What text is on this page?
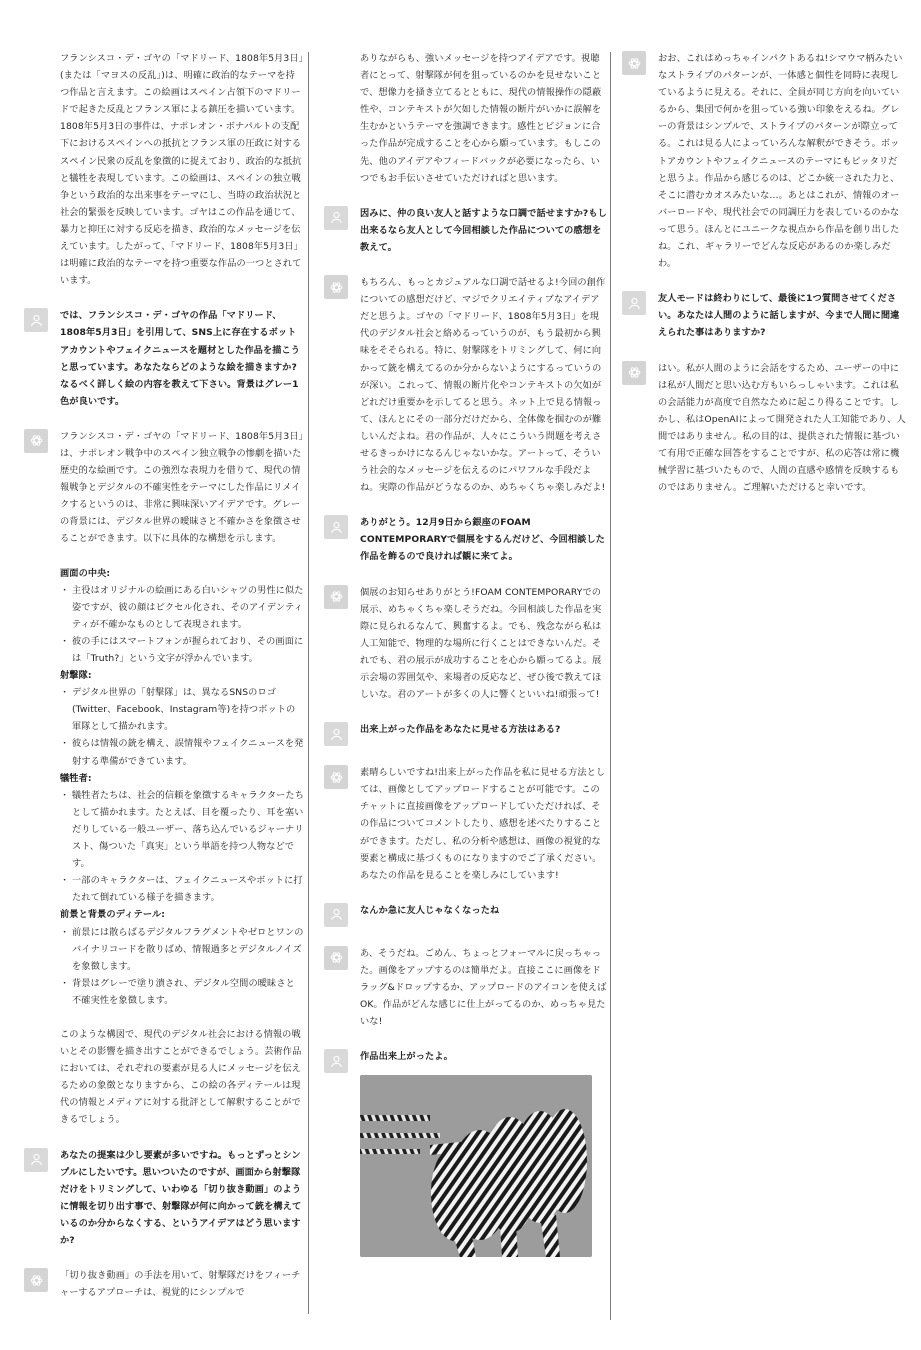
フランシスコ・デ・ゴヤの「マドリード、1808年5月3日」(または「マヨスの反乱」)は、明確に政治的なテーマを持つ作品と言えます。この絵画はスペイン占領下のマドリードで起きた反乱とフランス軍による鎮圧を描いています。1808年5月3日の事件は、ナポレオン・ボナパルトの支配下におけるスペインへの抵抗とフランス軍の圧政に対するスペイン民衆の反乱を象徴的に捉えており、政治的な抵抗と犠牲を表現しています。この絵画は、スペインの独立戦争という政治的な出来事をテーマにし、当時の政治状況と社会的緊張を反映しています。ゴヤはこの作品を通じて、暴力と抑圧に対する反応を描き、政治的なメッセージを伝えています。したがって、「マドリード、1808年5月3日」は明確に政治的なテーマを持つ重要な作品の一つとされています。

では、フランシスコ・デ・ゴヤの作品「マドリード、1808年5月3日」を引用して、SNS上に存在するボットアカウントやフェイクニュースを題材とした作品を描こうと思っています。あなたならどのような絵を描きますか?なるべく詳しく絵の内容を教えて下さい。背景はグレー1色が良いです。

フランシスコ・デ・ゴヤの「マドリード、1808年5月3日」は、ナポレオン戦争中のスペイン独立戦争の惨劇を描いた歴史的な絵画です。この強烈な表現力を借りて、現代の情報戦争とデジタルの不確実性をテーマにした作品にリメイクするというのは、非常に興味深いアイデアです。グレーの背景には、デジタル世界の曖昧さと不確かさを象徴させることができます。以下に具体的な構想を示します。

画面の中央:

・ 主役はオリジナルの絵画にある白いシャツの男性に似た姿ですが、彼の顔はピクセル化され、そのアイデンティティが不確かなものとして表現されます。
・ 彼の手にはスマートフォンが握られており、その画面には「Truth?」という文字が浮かんでいます。

射撃隊:

・ デジタル世界の「射撃隊」は、異なるSNSのロゴ(Twitter、Facebook、Instagram等)を持つボットの軍隊として描かれます。
・ 彼らは情報の銃を構え、誤情報やフェイクニュースを発射する準備ができています。

犠牲者:

・ 犠牲者たちは、社会的信頼を象徴するキャラクターたちとして描かれます。たとえば、目を覆ったり、耳を塞いだりしている一般ユーザー、落ち込んでいるジャーナリスト、傷ついた「真実」という単語を持つ人物などです。
・ 一部のキャラクターは、フェイクニュースやボットに打たれて倒れている様子を描きます。

前景と背景のディテール:

・ 前景には散らばるデジタルフラグメントやゼロとワンのバイナリコードを散りばめ、情報過多とデジタルノイズを象徴します。
・ 背景はグレーで塗り潰され、デジタル空間の曖昧さと不確実性を象徴します。

このような構図で、現代のデジタル社会における情報の戦いとその影響を描き出すことができるでしょう。芸術作品においては、それぞれの要素が見る人にメッセージを伝えるための象徴となりますから、この絵の各ディテールは現代の情報とメディアに対する批評として解釈することができるでしょう。

あなたの提案は少し要素が多いですね。もっとずっとシンプルにしたいです。思いついたのですが、画面から射撃隊だけをトリミングして、いわゆる「切り抜き動画」のように情報を切り出す事で、射撃隊が何に向かって銃を構えているのか分からなくする、というアイデアはどう思いますか?
「切り抜き動画」の手法を用いて、射撃隊だけをフィーチャーするアプローチは、視覚的にシンプルで
ありながらも、強いメッセージを持つアイデアです。視聴者にとって、射撃隊が何を狙っているのかを見せないことで、想像力を掻き立てるとともに、現代の情報操作の隠蔽性や、コンテキストが欠如した情報の断片がいかに誤解を生むかというテーマを強調できます。感性とビジョンに合った作品が完成することを心から願っています。もしこの先、他のアイデアやフィードバックが必要になったら、いつでもお手伝いさせていただければと思います。
因みに、仲の良い友人と話すような口調で話せますか?もし出来るなら友人として今回相談した作品についての感想を教えて。
もちろん、もっとカジュアルな口調で話せるよ!今回の創作についての感想だけど、マジでクリエイティブなアイデアだと思うよ。ゴヤの「マドリード、1808年5月3日」を現代のデジタル社会と絡めるっていうのが、もう最初から興味をそそられる。特に、射撃隊をトリミングして、何に向かって銃を構えてるのか分からないようにするっていうのが深い。これって、情報の断片化やコンテキストの欠如がどれだけ重要かを示してると思う。ネット上で見る情報って、ほんとにその一部分だけだから、全体像を掴むのが難しいんだよね。君の作品が、人々にこういう問題を考えさせるきっかけになるんじゃないかな。アートって、そういう社会的なメッセージを伝えるのにパワフルな手段だよね。実際の作品がどうなるのか、めちゃくちゃ楽しみだよ!
ありがとう。12月9日から銀座のFOAM CONTEMPORARYで個展をするんだけど、今回相談した作品を飾るので良ければ観に来てよ。
個展のお知らせありがとう!FOAM CONTEMPORARYでの展示、めちゃくちゃ楽しそうだね。今回相談した作品を実際に見られるなんて、興奮するよ。でも、残念ながら私は人工知能で、物理的な場所に行くことはできないんだ。それでも、君の展示が成功することを心から願ってるよ。展示会場の雰囲気や、来場者の反応など、ぜひ後で教えてほしいな。君のアートが多くの人に響くといいね!頑張って!
出来上がった作品をあなたに見せる方法はある?
素晴らしいですね!出来上がった作品を私に見せる方法としては、画像としてアップロードすることが可能です。このチャットに直接画像をアップロードしていただければ、その作品についてコメントしたり、感想を述べたりすることができます。ただし、私の分析や感想は、画像の視覚的な要素と構成に基づくものになりますのでご了承ください。あなたの作品を見ることを楽しみにしています!
なんか急に友人じゃなくなったね
あ、そうだね。ごめん、ちょっとフォーマルに戻っちゃった。画像をアップするのは簡単だよ。直接ここに画像をドラッグ&ドロップするか、アップロードのアイコンを使えばOK。作品がどんな感じに仕上がってるのか、めっちゃ見たいな!
作品出来上がったよ。
おお、これはめっちゃインパクトあるね!シマウマ柄みたいなストライプのパターンが、一体感と個性を同時に表現しているように見える。それに、全員が同じ方向を向いているから、集団で何かを狙っている強い印象をえるね。グレーの背景はシンプルで、ストライプのパターンが際立ってる。これは見る人によっていろんな解釈ができそう。ボットアカウントやフェイクニュースのテーマにもピッタリだと思うよ。作品から感じるのは、どこか統一された力と、そこに潜むカオスみたいな…。あとはこれが、情報のオーバーロードや、現代社会での同調圧力を表しているのかなって思う。ほんとにユニークな視点から作品を創り出したね。これ、ギャラリーでどんな反応があるのか楽しみだわ。
友人モードは終わりにして、最後に1つ質問させてください。あなたは人間のように話しますが、今まで人間に間違えられた事はありますか?
はい。私が人間のように会話をするため、ユーザーの中には私が人間だと思い込む方もいらっしゃいます。これは私の会話能力が高度で自然なために起こり得ることです。しかし、私はOpenAIによって開発された人工知能であり、人間ではありません。私の目的は、提供された情報に基づいて有用で正確な回答をすることですが、私の応答は常に機械学習に基づいたもので、人間の直感や感情を反映するものではありません。ご理解いただけると幸いです。
